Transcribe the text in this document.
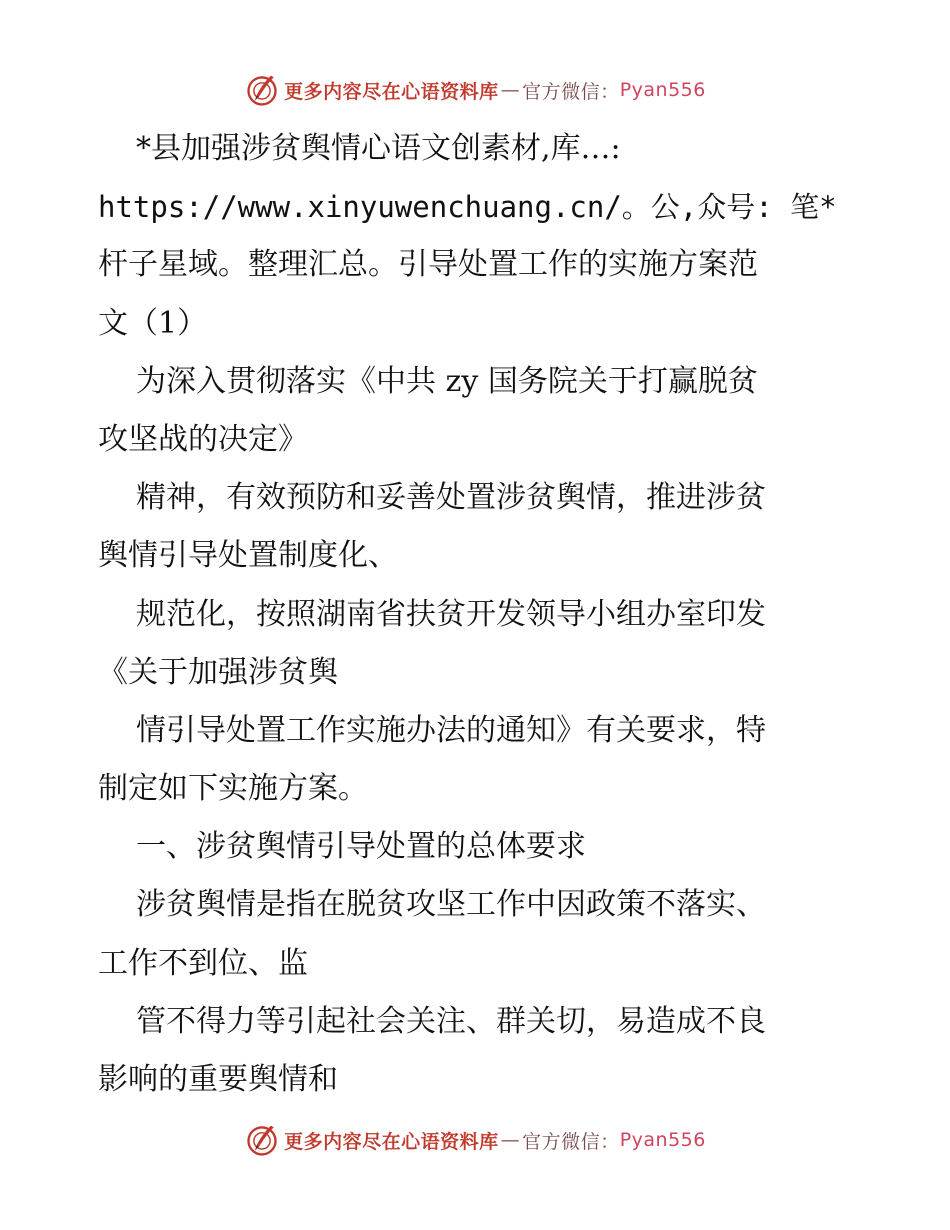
更多内容尽在心语资料库 — 官方微信： Pyan556
*县加强涉贫舆情心语文创素材,库…:
https://www.xinyuwenchuang.cn/。公,众号: 笔*
杆子星域。整理汇总。引导处置工作的实施方案范
文（1）
为深入贯彻落实《中共 zy 国务院关于打赢脱贫
攻坚战的决定》
精神，有效预防和妥善处置涉贫舆情，推进涉贫
舆情引导处置制度化、
规范化，按照湖南省扶贫开发领导小组办室印发
《关于加强涉贫舆
情引导处置工作实施办法的通知》有关要求，特
制定如下实施方案。
一、涉贫舆情引导处置的总体要求
涉贫舆情是指在脱贫攻坚工作中因政策不落实、
工作不到位、监
管不得力等引起社会关注、群关切，易造成不良
影响的重要舆情和
更多内容尽在心语资料库 — 官方微信： Pyan556
